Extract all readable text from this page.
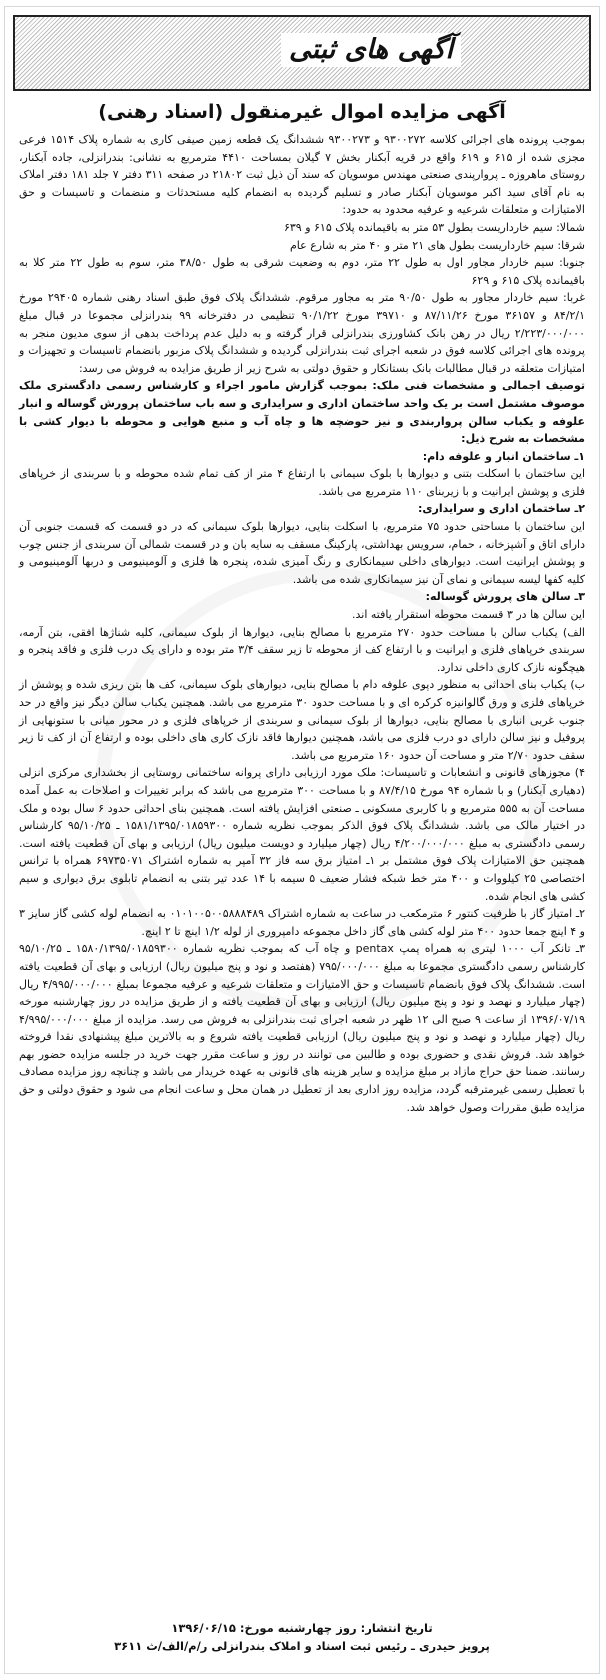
آگهی های ثبتی
آگهی مزایده اموال غیرمنقول (اسناد رهنی)

بموجب پرونده های اجرائی کلاسه ۹۳۰۰۲۷۲ و ۹۳۰۰۲۷۳ ششدانگ یک قطعه زمین صیفی کاری به شماره پلاک ۱۵۱۴ فرعی مجزی شده از ۶۱۵ و ۶۱۹ واقع در قریه آبکنار بخش ۷ گیلان بمساحت ۴۴۱۰ مترمربع به نشانی: بندرانزلی، جاده آبکنار، روستای ماهروزه ـ پروارپندی صنعتی مهندس موسویان که سند آن ذیل ثبت ۲۱۸۰۲ در صفحه ۳۱۱ دفتر ۷ جلد ۱۸۱ دفتر املاک به نام آقای سید اکبر موسویان آبکنار صادر و تسلیم گردیده به انضمام کلیه مستحدثات و منضمات و تاسیسات و حق الامتیازات و متعلقات شرعیه و عرفیه محدود به حدود:

شمالا: سیم خارداریست بطول ۵۳ متر به باقیمانده پلاک ۶۱۵ و ۶۳۹

شرقا: سیم خارداریست بطول های ۲۱ متر و ۴۰ متر به شارع عام

جنوبا: سیم خاردار مجاور اول به طول ۲۲ متر، دوم به وضعیت شرقی به طول ۳۸/۵۰ متر، سوم به طول ۲۲ متر کلا به باقیمانده پلاک ۶۱۵ و ۶۲۹

غربا: سیم خاردار مجاور به طول ۹۰/۵۰ متر به مجاور مرقوم. ششدانگ پلاک فوق طبق اسناد رهنی شماره ۲۹۴۰۵ مورخ ۸۴/۲/۱ و ۳۶۱۵۷ مورخ ۸۷/۱۱/۲۶ و ۳۹۷۱۰ مورخ ۹۰/۱/۲۲ تنظیمی در دفترخانه ۹۹ بندرانزلی مجموعا در قبال مبلغ ۲/۲۲۳/۰۰۰/۰۰۰ ریال در رهن بانک کشاورزی بندرانزلی قرار گرفته و به دلیل عدم پرداخت بدهی از سوی مدیون منجر به پرونده های اجرائی کلاسه فوق در شعبه اجرای ثبت بندرانزلی گردیده و ششدانگ پلاک مزبور بانضمام تاسیسات و تجهیزات و امتیازات متعلقه در قبال مطالبات بانک بستانکار و حقوق دولتی به شرح زیر از طریق مزایده به فروش می رسد:

توصیف اجمالی و مشخصات فنی ملک: بموجب گزارش مامور اجراء و کارشناس رسمی دادگستری ملک موصوف مشتمل است بر یک واحد ساختمان اداری و سرایداری و سه باب ساختمان پرورش گوساله و انبار علوفه و یکباب سالن پرواربندی و نیز حوضچه ها و چاه آب و منبع هوایی و محوطه با دیوار کشی با مشخصات به شرح ذیل:

۱ـ ساختمان انبار و علوفه دام:

این ساختمان با اسکلت بتنی و دیوارها با بلوک سیمانی با ارتفاع ۴ متر از کف تمام شده محوطه و با سربندی از خرپاهای فلزی و پوشش ایرانیت و با زیربنای ۱۱۰ مترمربع می باشد.

۲ـ ساختمان اداری و سرایداری:

این ساختمان با مساحتی حدود ۷۵ مترمربع، با اسکلت بنایی، دیوارها بلوک سیمانی که در دو قسمت که قسمت جنوبی آن دارای اتاق و آشپزخانه ، حمام، سرویس بهداشتی، پارکینگ مسقف به سایه بان و در قسمت شمالی آن سربندی از جنس چوب و پوشش ایرانیت است. دیوارهای داخلی سیمانکاری و رنگ آمیزی شده، پنجره ها فلزی و آلومینیومی و دربها آلومینیومی و کلیه کفها لیسه سیمانی و نمای آن نیز سیمانکاری شده می باشد.

۳ـ سالن های پرورش گوساله:

این سالن ها در ۳ قسمت محوطه استقرار یافته اند.

الف) یکباب سالن با مساحت حدود ۲۷۰ مترمربع با مصالح بنایی، دیوارها از بلوک سیمانی، کلیه شناژها افقی، بتن آرمه، سربندی خرپاهای فلزی و ایرانیت و با ارتفاع کف از محوطه تا زیر سقف ۳/۴ متر بوده و دارای یک درب فلزی و فاقد پنجره و هیچگونه نازک کاری داخلی ندارد.

ب) یکباب بنای احداثی به منظور دپوی علوفه دام با مصالح بنایی، دیوارهای بلوک سیمانی، کف ها بتن ریزی شده و پوشش از خرپاهای فلزی و ورق گالوانیزه کرکره ای و با مساحت حدود ۳۰ مترمربع می باشد. همچنین یکباب سالن دیگر نیز واقع در حد جنوب غربی انباری با مصالح بنایی، دیوارها از بلوک سیمانی و سربندی از خرپاهای فلزی و در محور میانی با ستونهایی از پروفیل و نیز سالن دارای دو درب فلزی می باشد، همچنین دیوارها فاقد نازک کاری های داخلی بوده و ارتفاع آن از کف تا زیر سقف حدود ۲/۷۰ متر و مساحت آن حدود ۱۶۰ مترمربع می باشد.

۴) مجوزهای قانونی و انشعابات و تاسیسات: ملک مورد ارزیابی دارای پروانه ساختمانی روستایی از بخشداری مرکزی انزلی (دهیاری آبکنار) و با شماره ۹۴ مورخ ۸۷/۴/۱۵ و با مساحت ۳۰۰ مترمربع می باشد که برابر تغییرات و اصلاحات به عمل آمده مساحت آن به ۵۵۵ مترمربع و با کاربری مسکونی ـ صنعتی افزایش یافته است. همچنین بنای احداثی حدود ۶ سال بوده و ملک در اختیار مالک می باشد. ششدانگ پلاک فوق الذکر بموجب نظریه شماره ۱۵۸۱/۱۳۹۵/۰۱۸۵۹۳۰۰ ـ ۹۵/۱۰/۲۵ کارشناس رسمی دادگستری به مبلغ ۴/۲۰۰/۰۰۰/۰۰۰ ریال (چهار میلیارد و دویست میلیون ریال) ارزیابی و بهای آن قطعیت یافته است. همچنین حق الامتیازات پلاک فوق مشتمل بر ۱ـ امتیاز برق سه فاز ۳۲ آمپر به شماره اشتراک ۶۹۷۳۵۰۷۱ همراه با ترانس اختصاصی ۲۵ کیلووات و ۴۰۰ متر خط شبکه فشار ضعیف ۵ سیمه با ۱۴ عدد تیر بتنی به انضمام تابلوی برق دیواری و سیم کشی های انجام شده.

۲ـ امتیاز گاز با ظرفیت کنتور ۶ مترمکعب در ساعت به شماره اشتراک ۰۱۰۱۰۰۵۰۰۵۸۸۸۴۸۹ به انضمام لوله کشی گاز سایز ۳ و ۴ اینچ جمعا حدود ۴۰۰ متر لوله کشی های گاز داخل مجموعه دامپروری از لوله ۱/۲ اینچ تا ۲ اینچ.

۳ـ تانکر آب ۱۰۰۰ لیتری به همراه پمپ pentax و چاه آب که بموجب نظریه شماره ۱۵۸۰/۱۳۹۵/۰۱۸۵۹۳۰۰ ـ ۹۵/۱۰/۲۵ کارشناس رسمی دادگستری مجموعا به مبلغ ۷۹۵/۰۰۰/۰۰۰ (هفتصد و نود و پنج میلیون ریال) ارزیابی و بهای آن قطعیت یافته است. ششدانگ پلاک فوق بانضمام تاسیسات و حق الامتیازات و متعلقات شرعیه و عرفیه مجموعا بمبلغ ۴/۹۹۵/۰۰۰/۰۰۰ ریال (چهار میلیارد و نهصد و نود و پنج میلیون ریال) ارزیابی و بهای آن قطعیت یافته و از طریق مزایده در روز چهارشنبه مورخه ۱۳۹۶/۰۷/۱۹ از ساعت ۹ صبح الی ۱۲ ظهر در شعبه اجرای ثبت بندرانزلی به فروش می رسد. مزایده از مبلغ ۴/۹۹۵/۰۰۰/۰۰۰ ریال (چهار میلیارد و نهصد و نود و پنج میلیون ریال) ارزیابی قطعیت یافته شروع و به بالاترین مبلغ پیشنهادی نقدا فروخته خواهد شد. فروش نقدی و حضوری بوده و طالبین می توانند در روز و ساعت مقرر جهت خرید در جلسه مزایده حضور بهم رسانند. ضمنا حق حراج مازاد بر مبلغ مزایده و سایر هزینه های قانونی به عهده خریدار می باشد و چنانچه روز مزایده مصادف با تعطیل رسمی غیرمترقبه گردد، مزایده روز اداری بعد از تعطیل در همان محل و ساعت انجام می شود و حقوق دولتی و حق مزایده طبق مقررات وصول خواهد شد.

تاریخ انتشار: روز چهارشنبه مورخ: ۱۳۹۶/۰۶/۱۵
پرویز حیدری ـ رئیس ثبت اسناد و املاک بندرانزلی ر/م/الف/ث ۳۶۱۱
